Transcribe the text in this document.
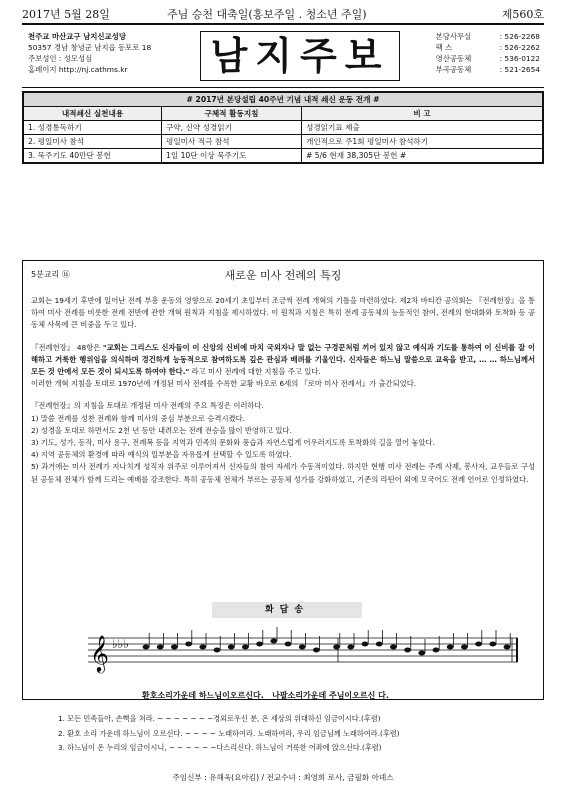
2017년 5월 28일	주님 승천 대축일(홍보주일 . 청소년 주일)	제560호
천주교 마산교구 남지신교성당
50357 경남 창녕군 남지읍 동포로 18
주보성인 : 성모성심
홈페이지 http://nj.cathms.kr	남지주보	본당사무실	: 526-2268
팩 스	: 526-2262
영산공동체	: 536-0122
부곡공동체	: 521-2654
# 2017년 본당설립 40주년 기념 내적 쇄신 운동 전개 #		
내적쇄신 실천내용	구체적 활동지침	비 고
1. 성경통독하기	구약, 신약 성경읽기	성경읽기표 제출
2. 평일미사 참석	평일미사 적극 참석	개인적으로 주1회 평일미사 참석하기
3. 묵주기도 40만단 봉헌	1일 10단 이상 묵주기도	# 5/6 현재 38,305단 봉헌 #
5분교리 ⑯	새로운 미사 전례의 특징

교회는 19세기 후반에 일어난 전례 부흥 운동의 영향으로 20세기 초입부터 조금씩 전례 개혁의 기틀을 마련하였다. 제2차 바티칸 공의회는 『전례헌장』을 통하여 미사 전례를 비롯한 전례 전반에 관한 개혁 원칙과 지침을 제시하였다. 이 원칙과 지침은 특히 전례 공동체의 능동적인 참여, 전례의 현대화와 토착화 등 공동체 사목에 큰 비중을 두고 있다.

『전례헌장』 48항은 "교회는 그리스도 신자들이 이 신앙의 신비에 마치 국외자나 말 없는 구경꾼처럼 끼어 있지 않고 예식과 기도를 통하여 이 신비를 잘 이해하고 거룩한 행위임을 의식하며 경건하게 능동적으로 참여하도록 깊은 관심과 배려를 기울인다. 신자들은 하느님 말씀으로 교육을 받고, … … 하느님께서 모든 것 안에서 모든 것이 되시도록 하여야 한다." 라고 미사 전례에 대한 지침을 주고 있다.

이러한 개혁 지침을 토대로 1970년에 개정된 미사 전례를 수록한 교황 바오로 6세의 『로마 미사 전례서』가 출간되었다.

『전례헌장』의 지침을 토대로 개정된 미사 전례의 주요 특징은 이러하다.
1) 말씀 전례를 성찬 전례와 함께 미사의 중심 부분으로 승격시켰다.
2) 성경을 토대로 하면서도 2천 년 동안 내려오는 전례 전승을 많이 반영하고 있다.
3) 기도, 성가, 동작, 미사 용구, 전례복 등을 지역과 민족의 문화와 풍습과 자연스럽게 어우러지도록 토착화의 길을 열어 놓았다.
4) 지역 공동체의 환경에 따라 예식의 일부분을 자유롭게 선택할 수 있도록 하였다.
5) 과거에는 미사 전례가 지나치게 성직자 위주로 이루어져서 신자들의 참여 자세가 수동적이었다. 하지만 현행 미사 전례는 주례 사제, 봉사자, 교우들로 구성된 공동체 전체가 함께 드리는 예배를 강조한다. 특히 공동체 전체가 부르는 공동체 성가를 강화하였고, 기존의 라틴어 외에 모국어도 전례 언어로 인정하였다.
화답송
𝄞 ♭♭♭
환호소리가운데 하느님이오르신다.   나팔소리가운데 주님이오르신 다.
1. 모든 민족들아, 손뼉을 쳐라. ~ ~ ~ ~ ~ ~ ~경외로우신 분, 온 세상의 위대하신 임금이시다.(후렴)
2. 환호 소리 가운데 하느님이 오르신다. ~ ~ ~ ~ 노래하여라. 노래하여라, 우리 임금님께 노래하여라.(후렴)
3. 하느님이 온 누리의 임금이시니, ~ ~ ~ ~ ~ ~다스리신다. 하느님이 거룩한 어좌에 앉으신다.(후렴)
주임신부 : 유해욱(요아킴) / 전교수녀 : 최영희 로사, 금필화 아녜스
